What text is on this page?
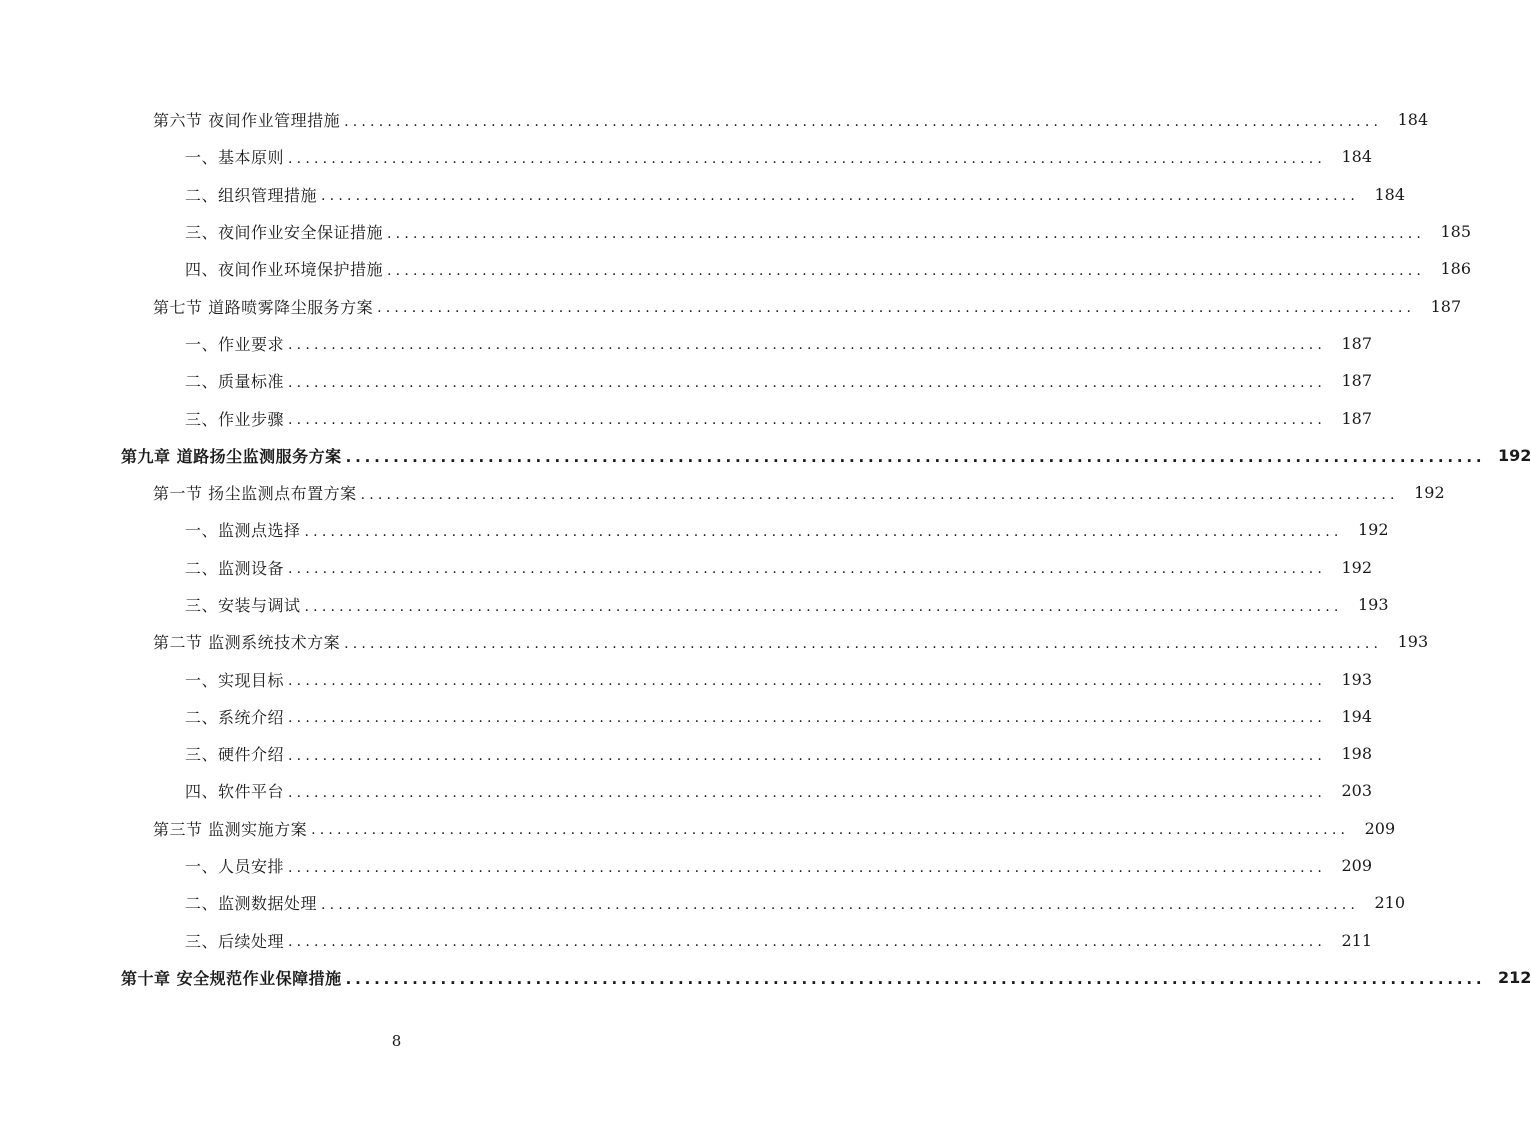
第六节 夜间作业管理措施 ........................................................................................................................ 184
一、基本原则 ........................................................................................................................ 184
二、组织管理措施 ........................................................................................................................ 184
三、夜间作业安全保证措施 ........................................................................................................................ 185
四、夜间作业环境保护措施 ........................................................................................................................ 186
第七节 道路喷雾降尘服务方案 ........................................................................................................................ 187
一、作业要求 ........................................................................................................................ 187
二、质量标准 ........................................................................................................................ 187
三、作业步骤 ........................................................................................................................ 187
第九章 道路扬尘监测服务方案 ........................................................................................................................ 192
第一节 扬尘监测点布置方案 ........................................................................................................................ 192
一、监测点选择 ........................................................................................................................ 192
二、监测设备 ........................................................................................................................ 192
三、安装与调试 ........................................................................................................................ 193
第二节 监测系统技术方案 ........................................................................................................................ 193
一、实现目标 ........................................................................................................................ 193
二、系统介绍 ........................................................................................................................ 194
三、硬件介绍 ........................................................................................................................ 198
四、软件平台 ........................................................................................................................ 203
第三节 监测实施方案 ........................................................................................................................ 209
一、人员安排 ........................................................................................................................ 209
二、监测数据处理 ........................................................................................................................ 210
三、后续处理 ........................................................................................................................ 211
第十章 安全规范作业保障措施 ........................................................................................................................ 212
8
